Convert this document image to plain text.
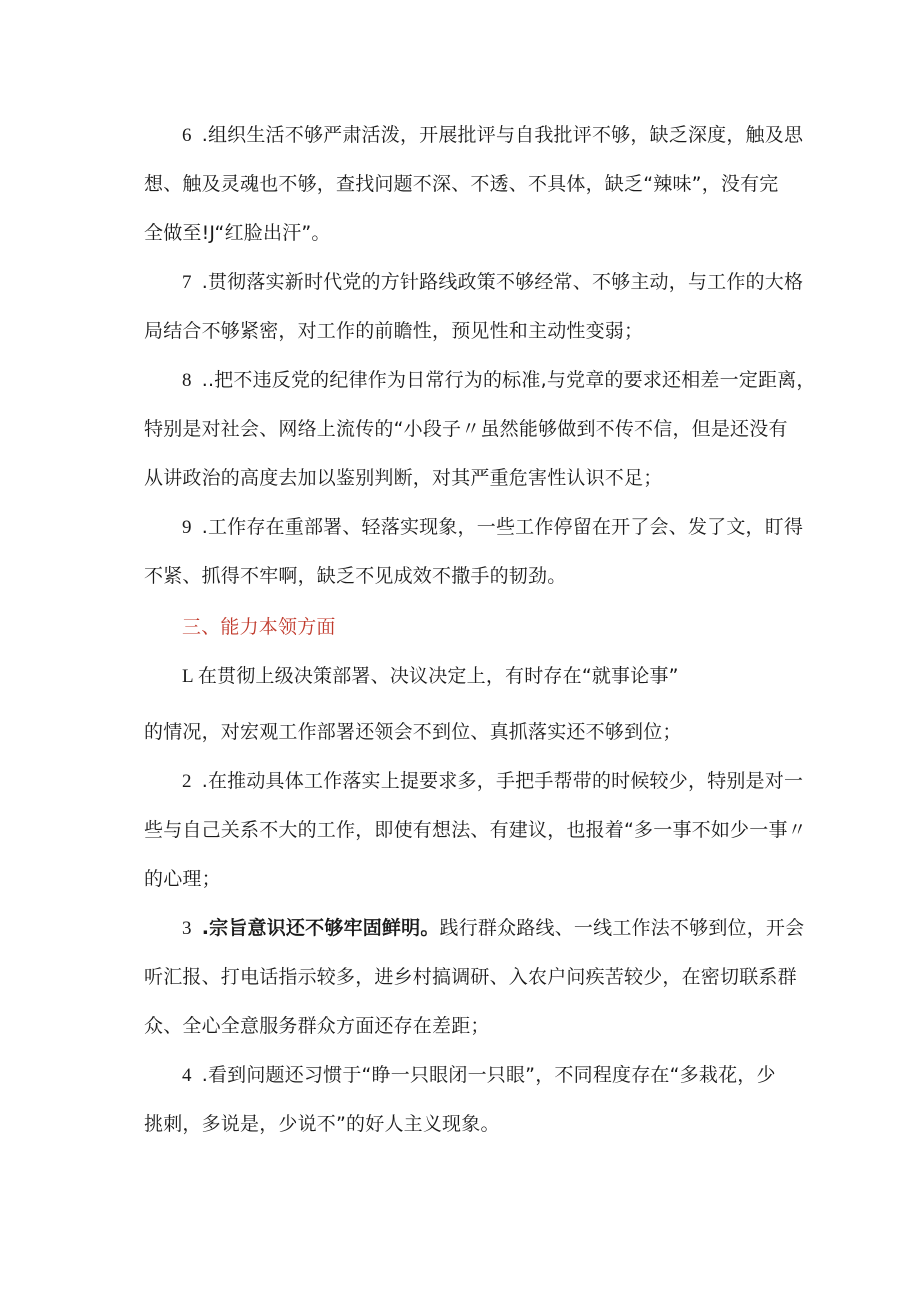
6 .组织生活不够严肃活泼，开展批评与自我批评不够，缺乏深度，触及思
想、触及灵魂也不够，查找问题不深、不透、不具体，缺乏“辣味”，没有完
全做至!J“红脸出汗”。
7 .贯彻落实新时代党的方针路线政策不够经常、不够主动，与工作的大格
局结合不够紧密，对工作的前瞻性，预见性和主动性变弱；
8 ..把不违反党的纪律作为日常行为的标准,与党章的要求还相差一定距离，
特别是对社会、网络上流传的“小段子〃虽然能够做到不传不信，但是还没有
从讲政治的高度去加以鉴别判断，对其严重危害性认识不足；
9 .工作存在重部署、轻落实现象，一些工作停留在开了会、发了文，盯得
不紧、抓得不牢啊，缺乏不见成效不撒手的韧劲。
三、能力本领方面
L 在贯彻上级决策部署、决议决定上，有时存在“就事论事”
的情况，对宏观工作部署还领会不到位、真抓落实还不够到位；
2 .在推动具体工作落实上提要求多，手把手帮带的时候较少，特别是对一
些与自己关系不大的工作，即使有想法、有建议，也报着“多一事不如少一事〃
的心理；
3 .宗旨意识还不够牢固鲜明。践行群众路线、一线工作法不够到位，开会
听汇报、打电话指示较多，进乡村搞调研、入农户问疾苦较少，在密切联系群
众、全心全意服务群众方面还存在差距；
4 .看到问题还习惯于“睁一只眼闭一只眼”，不同程度存在“多栽花，少
挑刺，多说是，少说不”的好人主义现象。
